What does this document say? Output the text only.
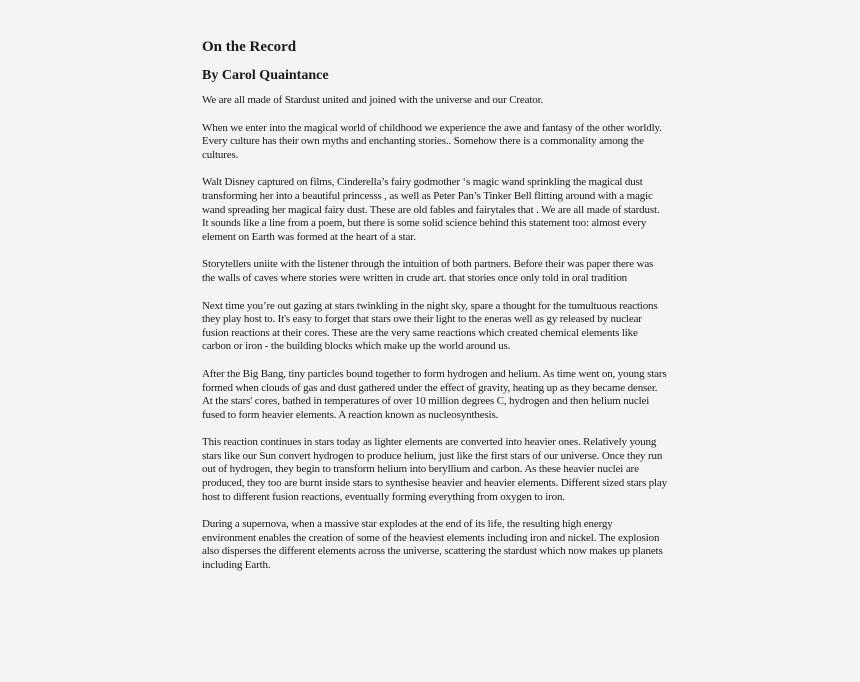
On the Record
By Carol Quaintance

We are all made of Stardust united and joined with the universe and our Creator.

When we enter into the magical world of childhood we experience the awe and fantasy of the other worldly. Every culture has their own myths and enchanting stories.. Somehow there is a commonality among the cultures.

Walt Disney captured on films, Cinderella’s fairy godmother ‘s magic wand sprinkling the magical dust transforming her into a beautiful princesss , as well as Peter Pan’s Tinker Bell flitting around with a magic wand spreading her magical fairy dust. These are old fables and fairytales that . We are all made of stardust. It sounds like a line from a poem, but there is some solid science behind this statement too: almost every element on Earth was formed at the heart of a star.

Storytellers uniite with the listener through the intuition of both partners. Before their was paper there was the walls of caves where stories were written in crude art. that stories once only told in oral tradition

Next time you’re out gazing at stars twinkling in the night sky, spare a thought for the tumultuous reactions they play host to. It's easy to forget that stars owe their light to the eneras well as gy released by nuclear fusion reactions at their cores. These are the very same reactions which created chemical elements like carbon or iron - the building blocks which make up the world around us.

After the Big Bang, tiny particles bound together to form hydrogen and helium. As time went on, young stars formed when clouds of gas and dust gathered under the effect of gravity, heating up as they became denser. At the stars' cores, bathed in temperatures of over 10 million degrees C, hydrogen and then helium nuclei fused to form heavier elements. A reaction known as nucleosynthesis.

This reaction continues in stars today as lighter elements are converted into heavier ones. Relatively young stars like our Sun convert hydrogen to produce helium, just like the first stars of our universe. Once they run out of hydrogen, they begin to transform helium into beryllium and carbon. As these heavier nuclei are produced, they too are burnt inside stars to synthesise heavier and heavier elements. Different sized stars play host to different fusion reactions, eventually forming everything from oxygen to iron.

During a supernova, when a massive star explodes at the end of its life, the resulting high energy environment enables the creation of some of the heaviest elements including iron and nickel. The explosion also disperses the different elements across the universe, scattering the stardust which now makes up planets including Earth.
